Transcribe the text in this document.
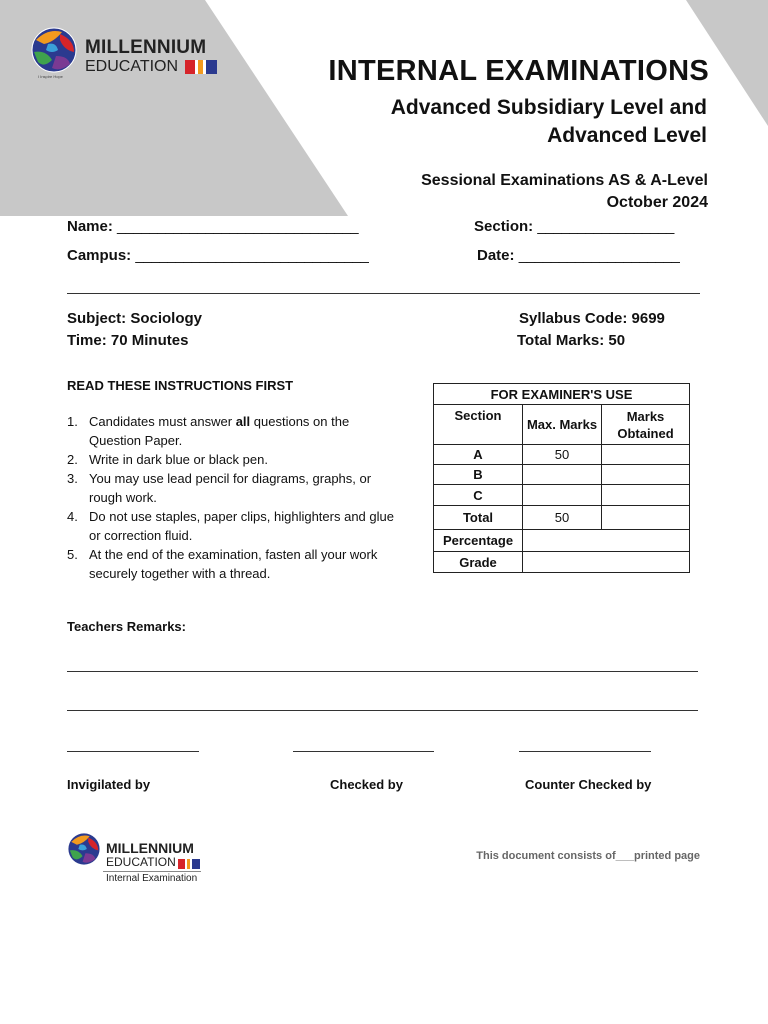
I Inspire Hope
MILLENNIUM
EDUCATION	INTERNAL EXAMINATIONS
Advanced Subsidiary Level and
Advanced Level
Sessional Examinations AS & A-Level
October 2024
Name: ______________________________	Section: _________________
Campus: _____________________________	Date: ____________________
Subject: Sociology
Time: 70 Minutes
Syllabus Code: 9699
Total Marks: 50
READ THESE INSTRUCTIONS FIRST
1. Candidates must answer all questions on the Question Paper.
2. Write in dark blue or black pen.
3. You may use lead pencil for diagrams, graphs, or rough work.
4. Do not use staples, paper clips, highlighters and glue or correction fluid.
5. At the end of the examination, fasten all your work securely together with a thread.
FOR EXAMINER'S USE		
Section	Max. Marks	Marks Obtained
A	50	
B		
C		
Total	50	
Percentage		
Grade		
Teachers Remarks:
Invigilated by	Checked by	Counter Checked by
MILLENNIUM
EDUCATION
Internal Examination
This document consists of___printed page
